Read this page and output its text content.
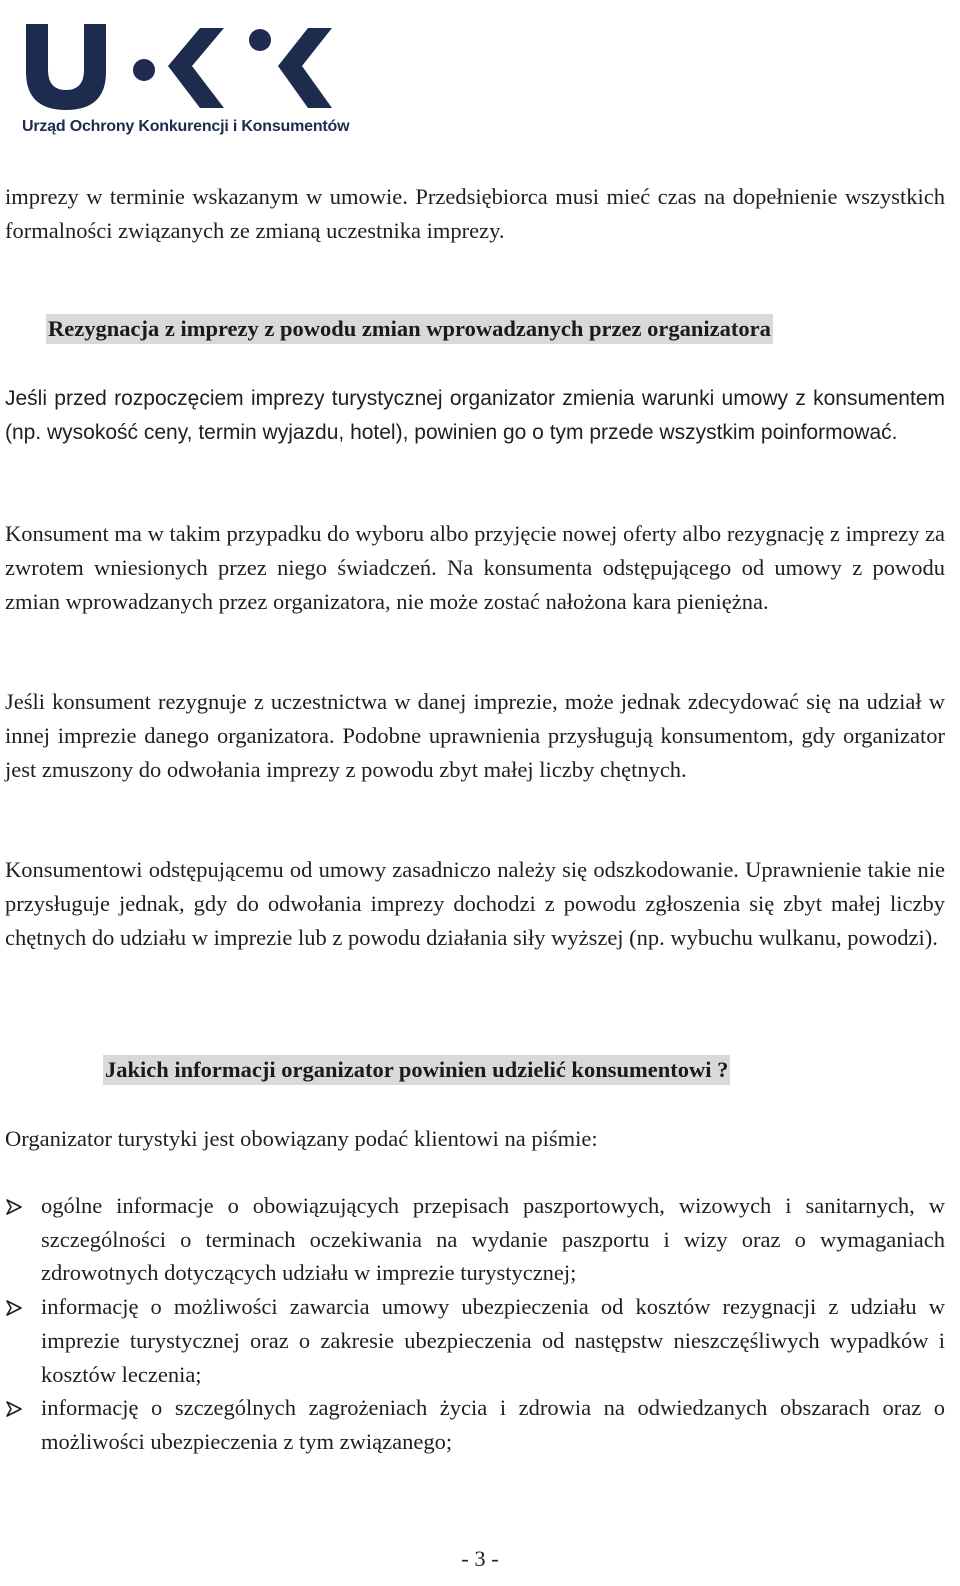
Urząd Ochrony Konkurencji i Konsumentów

imprezy w terminie wskazanym w umowie. Przedsiębiorca musi mieć czas na dopełnienie wszystkich formalności związanych ze zmianą uczestnika imprezy.

Rezygnacja z imprezy z powodu zmian wprowadzanych przez organizatora

Jeśli przed rozpoczęciem imprezy turystycznej organizator zmienia warunki umowy z konsumentem (np. wysokość ceny, termin wyjazdu, hotel), powinien go o tym przede wszystkim poinformować.

Konsument ma w takim przypadku do wyboru albo przyjęcie nowej oferty albo rezygnację z imprezy za zwrotem wniesionych przez niego świadczeń. Na konsumenta odstępującego od umowy z powodu zmian wprowadzanych przez organizatora, nie może zostać nałożona kara pieniężna.

Jeśli konsument rezygnuje z uczestnictwa w danej imprezie, może jednak zdecydować się na udział w innej imprezie danego organizatora. Podobne uprawnienia przysługują konsumentom, gdy organizator jest zmuszony do odwołania imprezy z powodu zbyt małej liczby chętnych.

Konsumentowi odstępującemu od umowy zasadniczo należy się odszkodowanie. Uprawnienie takie nie przysługuje jednak, gdy do odwołania imprezy dochodzi z powodu zgłoszenia się zbyt małej liczby chętnych do udziału w imprezie lub z powodu działania siły wyższej (np. wybuchu wulkanu, powodzi).

Jakich informacji organizator powinien udzielić konsumentowi ?

Organizator turystyki jest obowiązany podać klientowi na piśmie:

ogólne informacje o obowiązujących przepisach paszportowych, wizowych i sanitarnych, w szczególności o terminach oczekiwania na wydanie paszportu i wizy oraz o wymaganiach zdrowotnych dotyczących udziału w imprezie turystycznej;
informację o możliwości zawarcia umowy ubezpieczenia od kosztów rezygnacji z udziału w imprezie turystycznej oraz o zakresie ubezpieczenia od następstw nieszczęśliwych wypadków i kosztów leczenia;
informację o szczególnych zagrożeniach życia i zdrowia na odwiedzanych obszarach oraz o możliwości ubezpieczenia z tym związanego;
- 3 -
